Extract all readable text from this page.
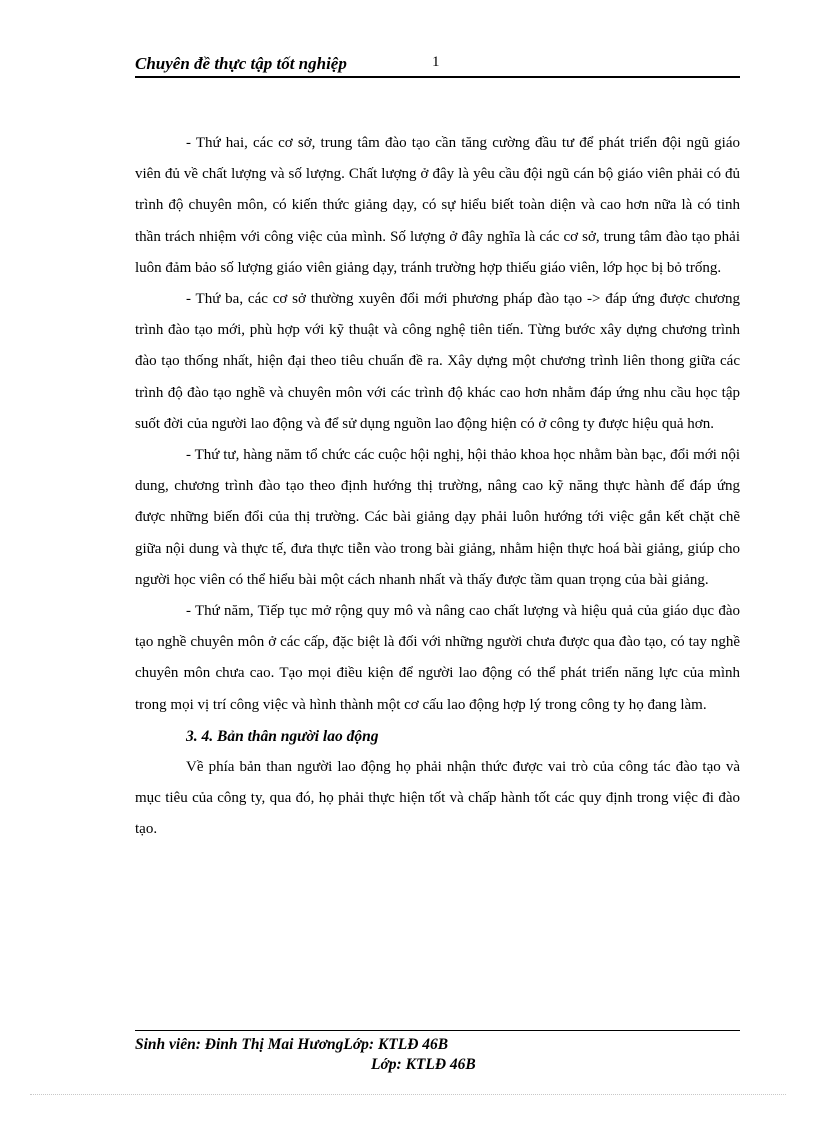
Chuyên đề thực tập tốt nghiệp	1

- Thứ hai, các cơ sở, trung tâm đào tạo cần tăng cường đầu tư để phát triển đội ngũ giáo viên đủ về chất lượng và số lượng. Chất lượng ở đây là yêu cầu đội ngũ cán bộ giáo viên phải có đủ trình độ chuyên môn, có kiến thức giảng dạy, có sự hiểu biết toàn diện và cao hơn nữa là có tinh thần trách nhiệm với công việc của mình. Số lượng ở đây nghĩa là các cơ sở, trung tâm đào tạo phải luôn đảm bảo số lượng giáo viên giảng dạy, tránh trường hợp thiếu giáo viên, lớp học bị bỏ trống.

- Thứ ba, các cơ sở thường xuyên đổi mới phương pháp đào tạo -> đáp ứng được chương trình đào tạo mới, phù hợp với kỹ thuật và công nghệ tiên tiến. Từng bước xây dựng chương trình đào tạo thống nhất, hiện đại theo tiêu chuẩn đề ra. Xây dựng một chương trình liên thong giữa các trình độ đào tạo nghề và chuyên môn với các trình độ khác cao hơn nhằm đáp ứng nhu cầu học tập suốt đời của người lao động và để sử dụng nguồn lao động hiện có ở công ty được hiệu quả hơn.

- Thứ tư, hàng năm tổ chức các cuộc hội nghị, hội thảo khoa học nhằm bàn bạc, đổi mới nội dung, chương trình đào tạo theo định hướng thị trường, nâng cao kỹ năng thực hành để đáp ứng được những biến đổi của thị trường. Các bài giảng dạy phải luôn hướng tới việc gắn kết chặt chẽ giữa nội dung và thực tế, đưa thực tiễn vào trong bài giảng, nhằm hiện thực hoá bài giảng, giúp cho người học viên có thể hiểu bài một cách nhanh nhất và thấy được tầm quan trọng của bài giảng.

- Thứ năm, Tiếp tục mở rộng quy mô và nâng cao chất lượng và hiệu quả của giáo dục đào tạo nghề chuyên môn ở các cấp, đặc biệt là đối với những người chưa được qua đào tạo, có tay nghề chuyên môn chưa cao. Tạo mọi điều kiện để người lao động có thể phát triển năng lực của mình trong mọi vị trí công việc và hình thành một cơ cấu lao động hợp lý trong công ty họ đang làm.

3. 4. Bản thân người lao động

Về phía bản than người lao động họ phải nhận thức được vai trò của công tác đào tạo và mục tiêu của công ty, qua đó, họ phải thực hiện tốt và chấp hành tốt các quy định trong việc đi đào tạo.

Sinh viên: Đinh Thị Mai HươngLớp: KTLĐ 46B
Lớp: KTLĐ 46B
